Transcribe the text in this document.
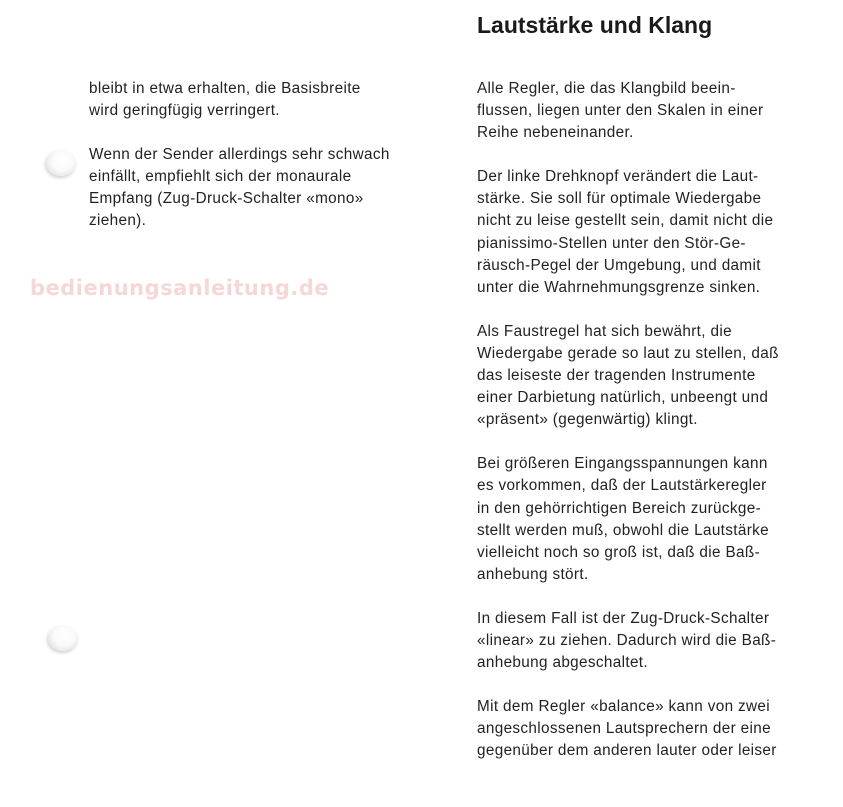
bedienungsanleitung.de
Lautstärke und Klang

bleibt in etwa erhalten, die Basisbreite
wird geringfügig verringert.

Wenn der Sender allerdings sehr schwach
einfällt, empfiehlt sich der monaurale
Empfang (Zug-Druck-Schalter «mono»
ziehen).

Alle Regler, die das Klangbild beein-
flussen, liegen unter den Skalen in einer
Reihe nebeneinander.

Der linke Drehknopf verändert die Laut-
stärke. Sie soll für optimale Wiedergabe
nicht zu leise gestellt sein, damit nicht die
pianissimo-Stellen unter den Stör-Ge-
räusch-Pegel der Umgebung, und damit
unter die Wahrnehmungsgrenze sinken.

Als Faustregel hat sich bewährt, die
Wiedergabe gerade so laut zu stellen, daß
das leiseste der tragenden Instrumente
einer Darbietung natürlich, unbeengt und
«präsent» (gegenwärtig) klingt.

Bei größeren Eingangsspannungen kann
es vorkommen, daß der Lautstärkeregler
in den gehörrichtigen Bereich zurückge-
stellt werden muß, obwohl die Lautstärke
vielleicht noch so groß ist, daß die Baß-
anhebung stört.

In diesem Fall ist der Zug-Druck-Schalter
«linear» zu ziehen. Dadurch wird die Baß-
anhebung abgeschaltet.

Mit dem Regler «balance» kann von zwei
angeschlossenen Lautsprechern der eine
gegenüber dem anderen lauter oder leiser
